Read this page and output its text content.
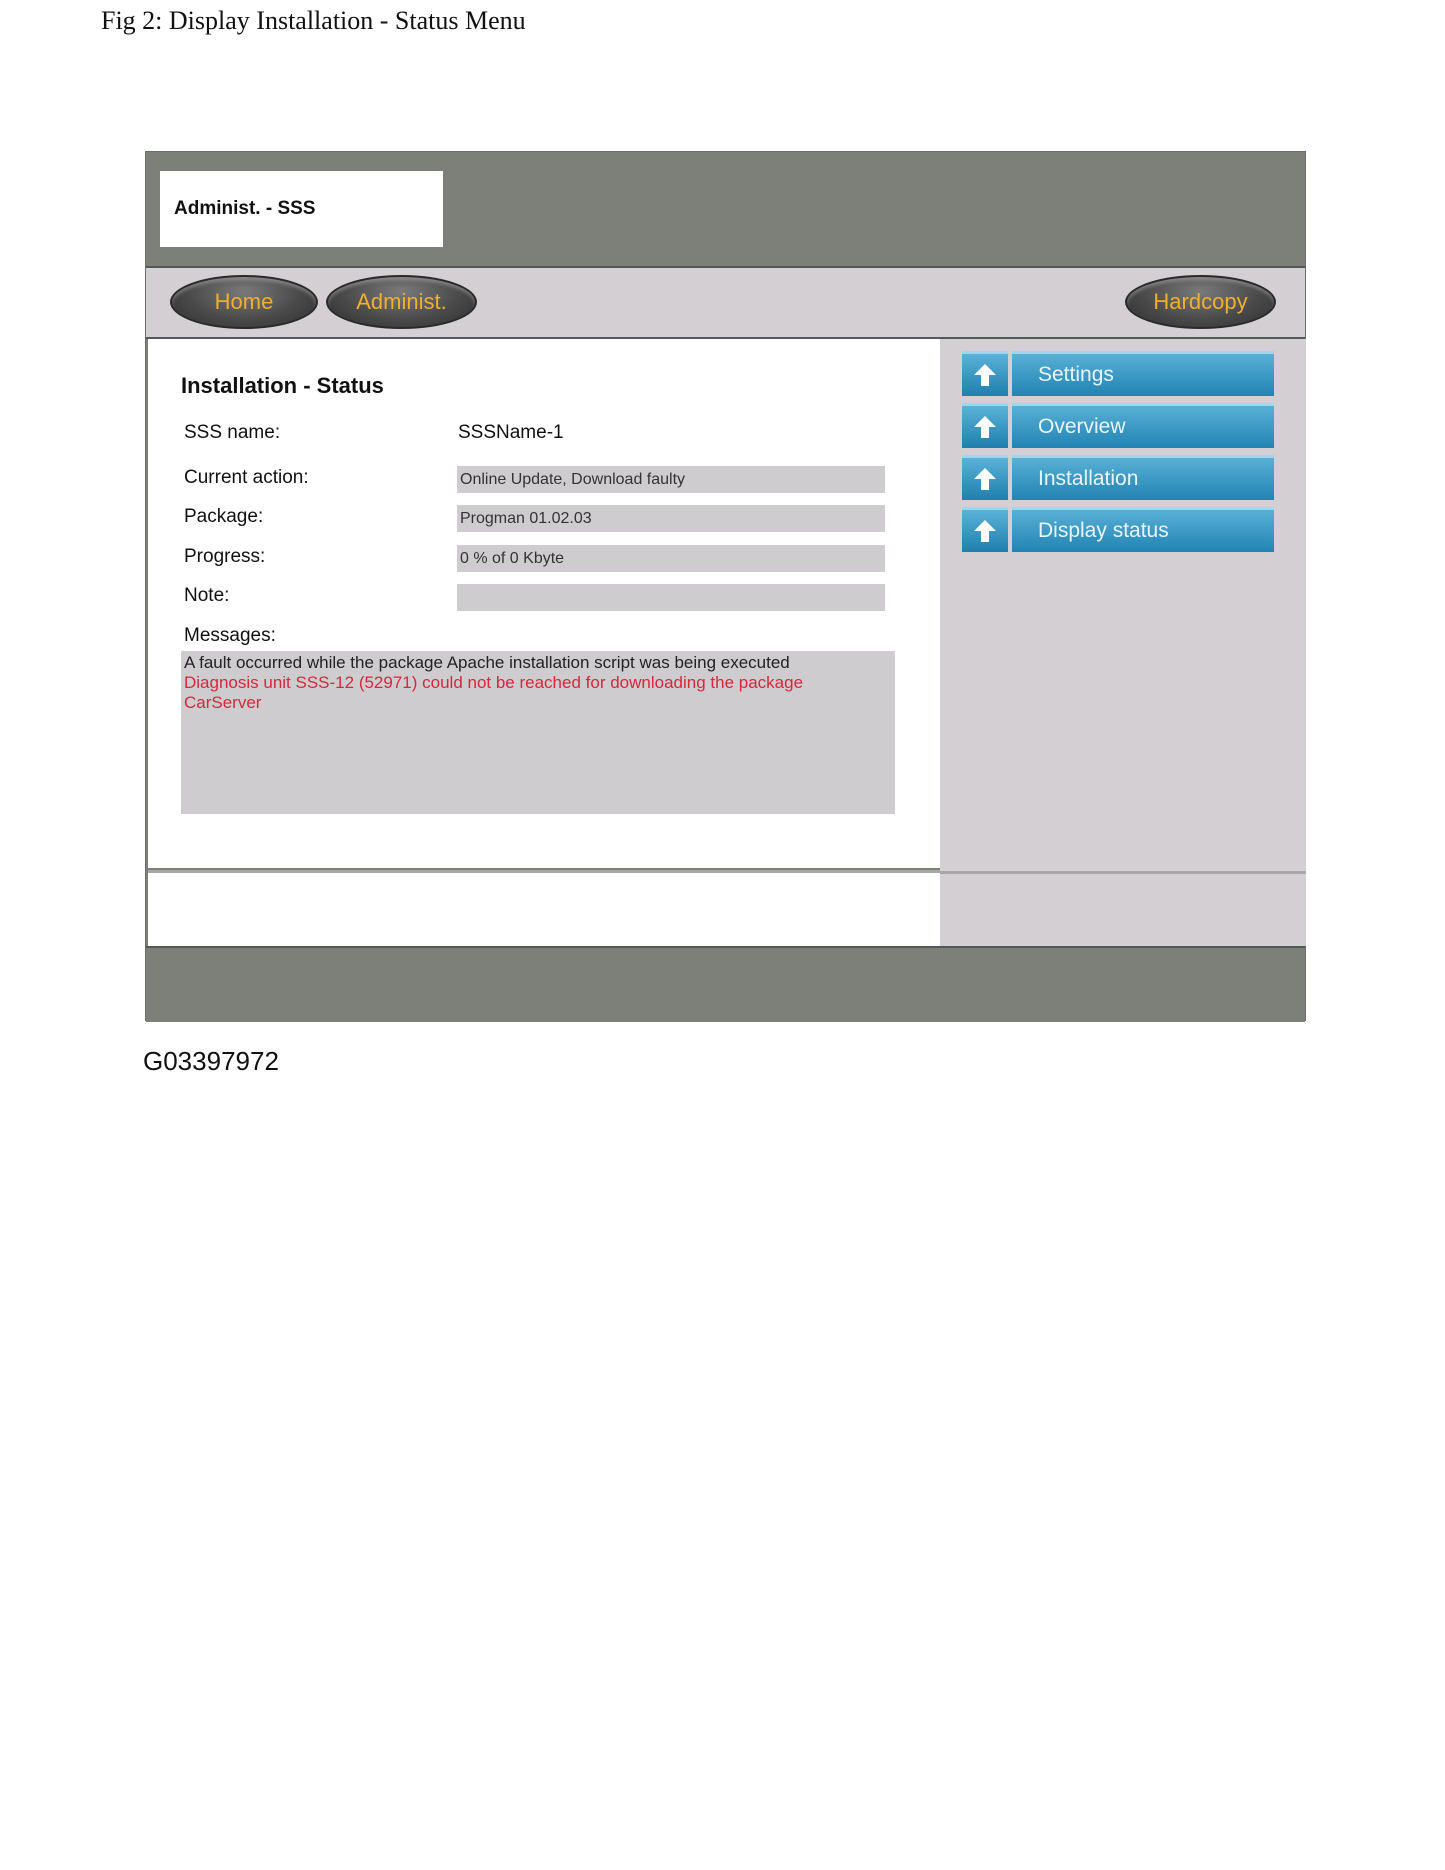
Fig 2: Display Installation - Status Menu
Administ. - SSS
Home	Administ.	Hardcopy
Installation - Status
SSS name:	SSSName-1
Current action:	Online Update, Download faulty
Package:	Progman 01.02.03
Progress:	0 % of 0 Kbyte
Note:
Messages:
A fault occurred while the package Apache installation script was being executed
Diagnosis unit SSS-12 (52971) could not be reached for downloading the package CarServer
Settings
Overview
Installation
Display status
G03397972
